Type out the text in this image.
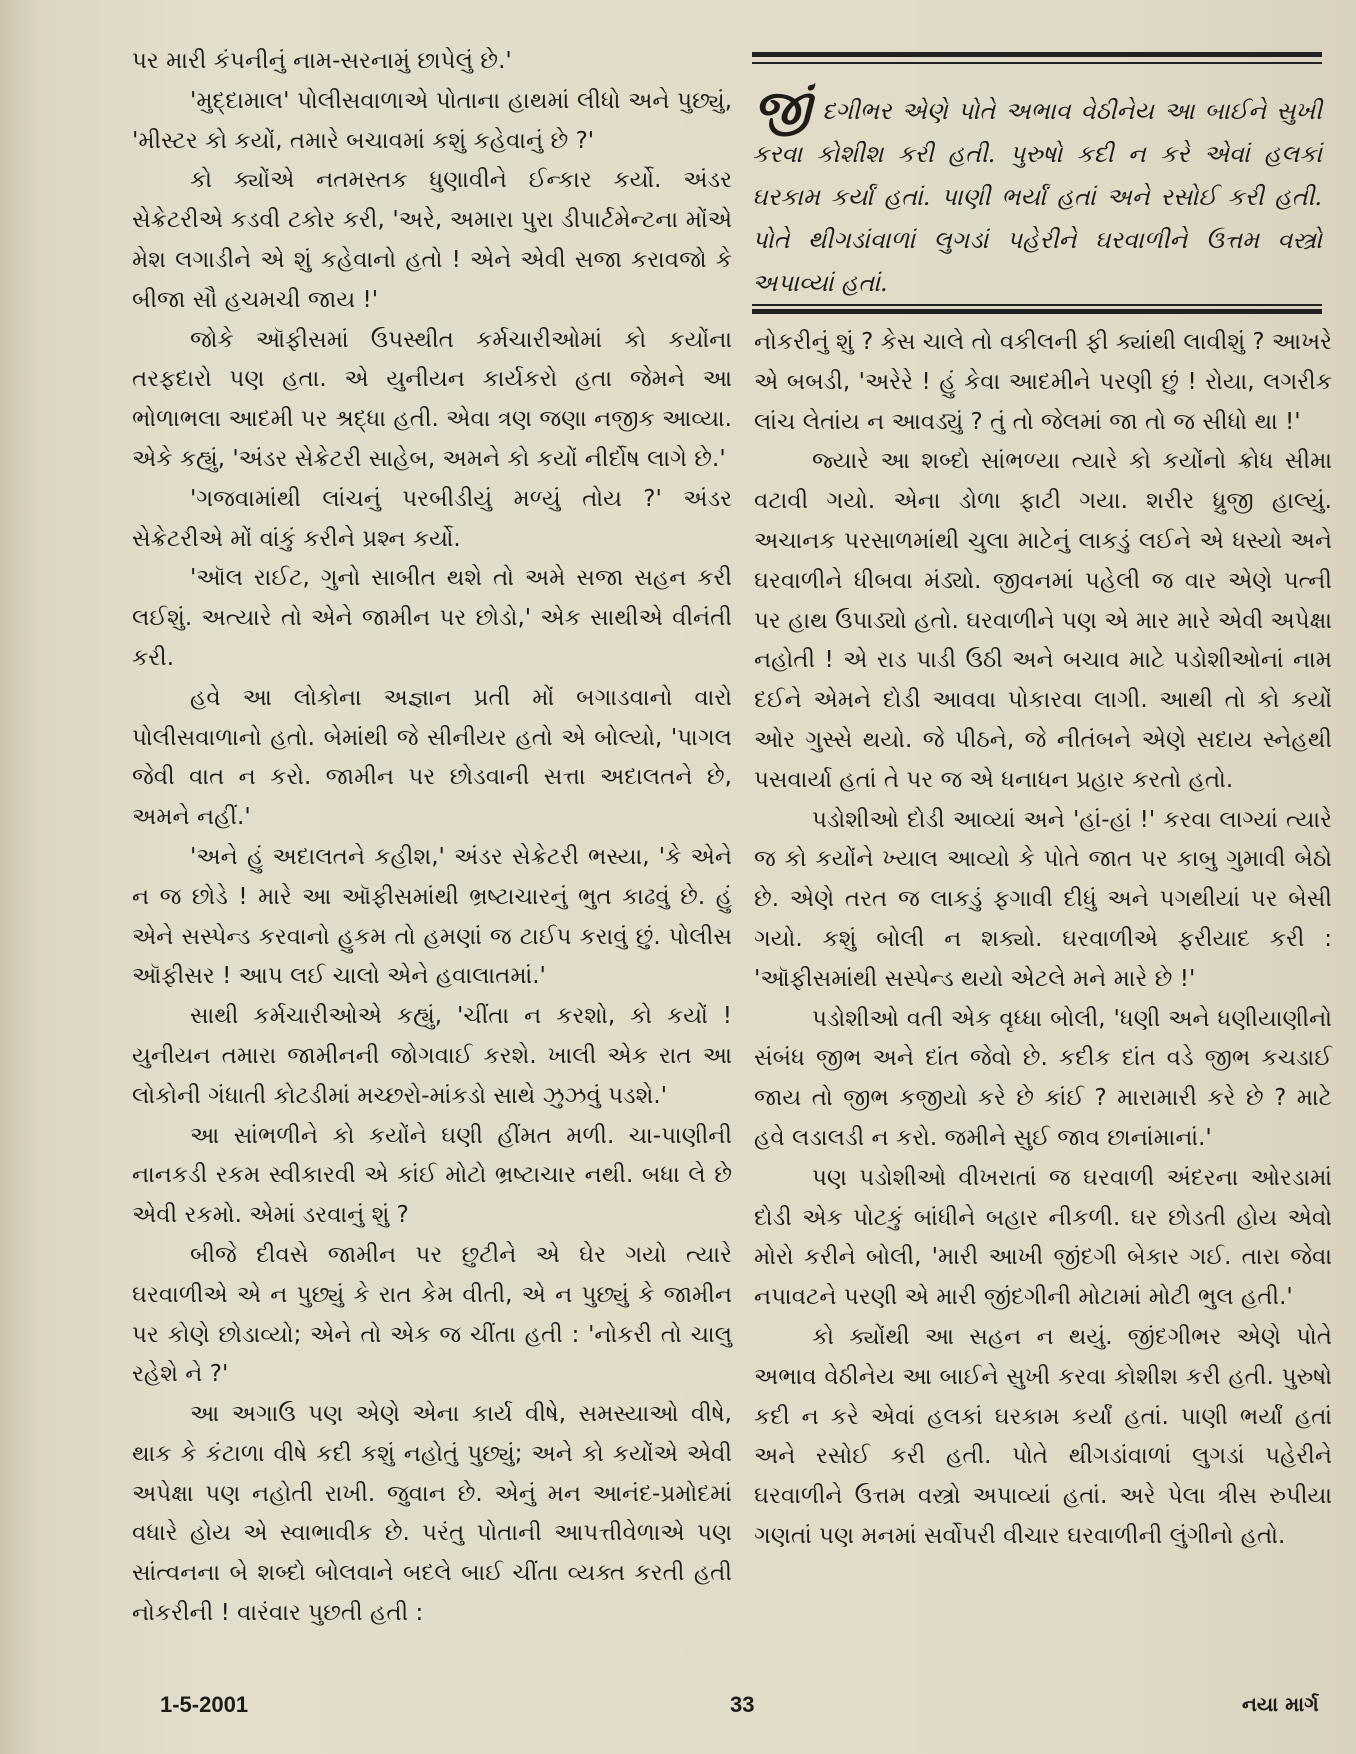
પર મારી કંપનીનું નામ-સરનામું છાપેલું છે.'

'મુદ્દામાલ' પોલીસવાળાએ પોતાના હાથમાં લીધો અને પુછ્યું, 'મીસ્ટર કો કયોં, તમારે બચાવમાં કશું કહેવાનું છે ?'

કો ક્યોંએ નતમસ્તક ધુણાવીને ઈન્કાર કર્યો. અંડર સેક્રેટરીએ કડવી ટકોર કરી, 'અરે, અમારા પુરા ડીપાર્ટમેન્ટના મોંએ મેશ લગાડીને એ શું કહેવાનો હતો ! એને એવી સજા કરાવજો કે બીજા સૌ હચમચી જાય !'

જોકે ઑફીસમાં ઉપસ્થીત કર્મચારીઓમાં કો કયોંના તરફદારો પણ હતા. એ યુનીયન કાર્યકરો હતા જેમને આ ભોળાભલા આદમી પર શ્રદ્ધા હતી. એવા ત્રણ જણા નજીક આવ્યા. એકે કહ્યું, 'અંડર સેક્રેટરી સાહેબ, અમને કો કયોં નીર્દોષ લાગે છે.'

'ગજવામાંથી લાંચનું પરબીડીયું મળ્યું તોય ?' અંડર સેક્રેટરીએ મોં વાંકું કરીને પ્રશ્ન કર્યો.

'ઑલ રાઈટ, ગુનો સાબીત થશે તો અમે સજા સહન કરી લઈશું. અત્યારે તો એને જામીન પર છોડો,' એક સાથીએ વીનંતી કરી.

હવે આ લોકોના અજ્ઞાન પ્રતી મોં બગાડવાનો વારો પોલીસવાળાનો હતો. બેમાંથી જે સીનીયર હતો એ બોલ્યો, 'પાગલ જેવી વાત ન કરો. જામીન પર છોડવાની સત્તા અદાલતને છે, અમને નહીં.'

'અને હું અદાલતને કહીશ,' અંડર સેક્રેટરી ભસ્યા, 'કે એને ન જ છોડે ! મારે આ ઑફીસમાંથી ભ્રષ્ટાચારનું ભુત કાઢવું છે. હું એને સસ્પેન્ડ કરવાનો હુકમ તો હમણાં જ ટાઈપ કરાવું છું. પોલીસ ઑફીસર ! આપ લઈ ચાલો એને હવાલાતમાં.'

સાથી કર્મચારીઓએ કહ્યું, 'ચીંતા ન કરશો, કો કયોં ! યુનીયન તમારા જામીનની જોગવાઈ કરશે. ખાલી એક રાત આ લોકોની ગંધાતી કોટડીમાં મચ્છરો-માંકડો સાથે ઝુઝવું પડશે.'

આ સાંભળીને કો કયોંને ઘણી હીંમત મળી. ચા-પાણીની નાનકડી રકમ સ્વીકારવી એ કાંઈ મોટો ભ્રષ્ટાચાર નથી. બધા લે છે એવી રકમો. એમાં ડરવાનું શું ?

બીજે દીવસે જામીન પર છુટીને એ ઘેર ગયો ત્યારે ઘરવાળીએ એ ન પુછ્યું કે રાત કેમ વીતી, એ ન પુછ્યું કે જામીન પર કોણે છોડાવ્યો; એને તો એક જ ચીંતા હતી : 'નોકરી તો ચાલુ રહેશે ને ?'

આ અગાઉ પણ એણે એના કાર્ય વીષે, સમસ્યાઓ વીષે, થાક કે કંટાળા વીષે કદી કશું નહોતું પુછ્યું; અને કો કયોંએ એવી અપેક્ષા પણ નહોતી રાખી. જુવાન છે. એનું મન આનંદ-પ્રમોદમાં વધારે હોય એ સ્વાભાવીક છે. પરંતુ પોતાની આપત્તીવેળાએ પણ સાંત્વનના બે શબ્દો બોલવાને બદલે બાઈ ચીંતા વ્યક્ત કરતી હતી નોકરીની ! વારંવાર પુછતી હતી :

જીં દગીભર એણે પોતે અભાવ વેઠીનેય આ બાઈને સુખી કરવા કોશીશ કરી હતી. પુરુષો કદી ન કરે એવાં હલકાં ઘરકામ કર્યાં હતાં. પાણી ભર્યાં હતાં અને રસોઈ કરી હતી. પોતે થીગડાંવાળાં લુગડાં પહેરીને ઘરવાળીને ઉત્તમ વસ્ત્રો અપાવ્યાં હતાં.

નોકરીનું શું ? કેસ ચાલે તો વકીલની ફી ક્યાંથી લાવીશું ? આખરે એ બબડી, 'અરેરે ! હું કેવા આદમીને પરણી છું ! રોયા, લગરીક લાંચ લેતાંય ન આવડ્યું ? તું તો જેલમાં જા તો જ સીધો થા !'

જ્યારે આ શબ્દો સાંભળ્યા ત્યારે કો કયોંનો ક્રોધ સીમા વટાવી ગયો. એના ડોળા ફાટી ગયા. શરીર ધ્રુજી હાલ્યું. અચાનક પરસાળમાંથી ચુલા માટેનું લાકડું લઈને એ ધસ્યો અને ઘરવાળીને ધીબવા મંડ્યો. જીવનમાં પહેલી જ વાર એણે પત્ની પર હાથ ઉપાડ્યો હતો. ઘરવાળીને પણ એ માર મારે એવી અપેક્ષા નહોતી ! એ રાડ પાડી ઉઠી અને બચાવ માટે પડોશીઓનાં નામ દઈને એમને દોડી આવવા પોકારવા લાગી. આથી તો કો કયોં ઓર ગુસ્સે થયો. જે પીઠને, જે નીતંબને એણે સદાય સ્નેહથી પસવાર્યા હતાં તે પર જ એ ધનાધન પ્રહાર કરતો હતો.

પડોશીઓ દોડી આવ્યાં અને 'હાં-હાં !' કરવા લાગ્યાં ત્યારે જ કો કયોંને ખ્યાલ આવ્યો કે પોતે જાત પર કાબુ ગુમાવી બેઠો છે. એણે તરત જ લાકડું ફગાવી દીધું અને પગથીયાં પર બેસી ગયો. કશું બોલી ન શક્યો. ઘરવાળીએ ફરીયાદ કરી : 'ઑફીસમાંથી સસ્પેન્ડ થયો એટલે મને મારે છે !'

પડોશીઓ વતી એક વૃધ્ધા બોલી, 'ધણી અને ધણીયાણીનો સંબંધ જીભ અને દાંત જેવો છે. કદીક દાંત વડે જીભ કચડાઈ જાય તો જીભ કજીયો કરે છે કાંઈ ? મારામારી કરે છે ? માટે હવે લડાલડી ન કરો. જમીને સુઈ જાવ છાનાંમાનાં.'

પણ પડોશીઓ વીખરાતાં જ ઘરવાળી અંદરના ઓરડામાં દોડી એક પોટકું બાંધીને બહાર નીકળી. ઘર છોડતી હોય એવો મોરો કરીને બોલી, 'મારી આખી જીંદગી બેકાર ગઈ. તારા જેવા નપાવટને પરણી એ મારી જીંદગીની મોટામાં મોટી ભુલ હતી.'

કો ક્યોંથી આ સહન ન થયું. જીંદગીભર એણે પોતે અભાવ વેઠીનેય આ બાઈને સુખી કરવા કોશીશ કરી હતી. પુરુષો કદી ન કરે એવાં હલકાં ઘરકામ કર્યાં હતાં. પાણી ભર્યાં હતાં અને રસોઈ કરી હતી. પોતે થીગડાંવાળાં લુગડાં પહેરીને ઘરવાળીને ઉત્તમ વસ્ત્રો અપાવ્યાં હતાં. અરે પેલા ત્રીસ રુપીયા ગણતાં પણ મનમાં સર્વોપરી વીચાર ઘરવાળીની લુંગીનો હતો.

1-5-2001	33	નયા માર્ગ
